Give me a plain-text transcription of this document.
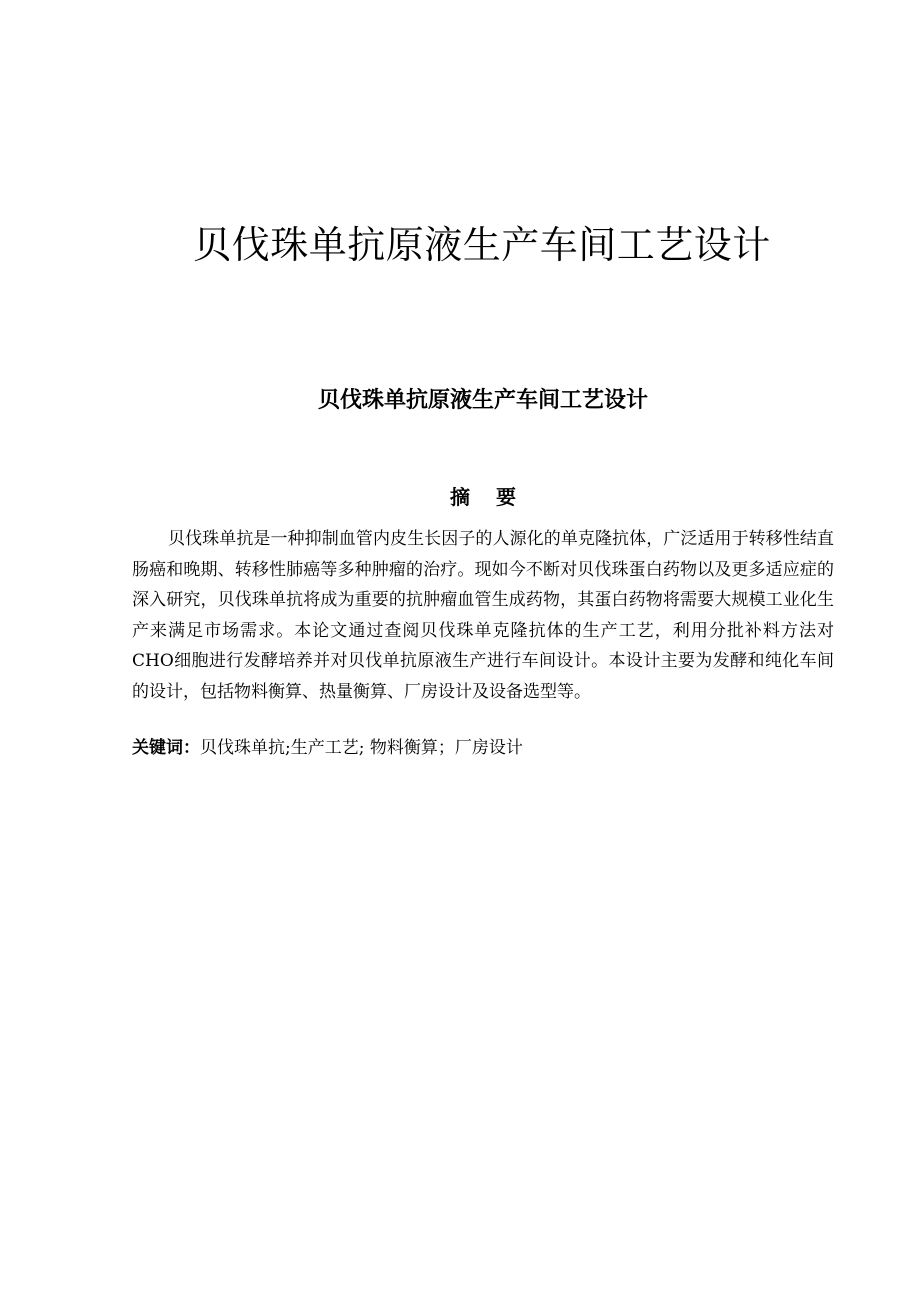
贝伐珠单抗原液生产车间工艺设计
贝伐珠单抗原液生产车间工艺设计
摘 要

贝伐珠单抗是一种抑制血管内皮生长因子的人源化的单克隆抗体，广泛适用于转移性结直肠癌和晚期、转移性肺癌等多种肿瘤的治疗。现如今不断对贝伐珠蛋白药物以及更多适应症的深入研究，贝伐珠单抗将成为重要的抗肿瘤血管生成药物，其蛋白药物将需要大规模工业化生产来满足市场需求。本论文通过查阅贝伐珠单克隆抗体的生产工艺，利用分批补料方法对CHO细胞进行发酵培养并对贝伐单抗原液生产进行车间设计。本设计主要为发酵和纯化车间的设计，包括物料衡算、热量衡算、厂房设计及设备选型等。

关键词：贝伐珠单抗;生产工艺; 物料衡算；厂房设计
